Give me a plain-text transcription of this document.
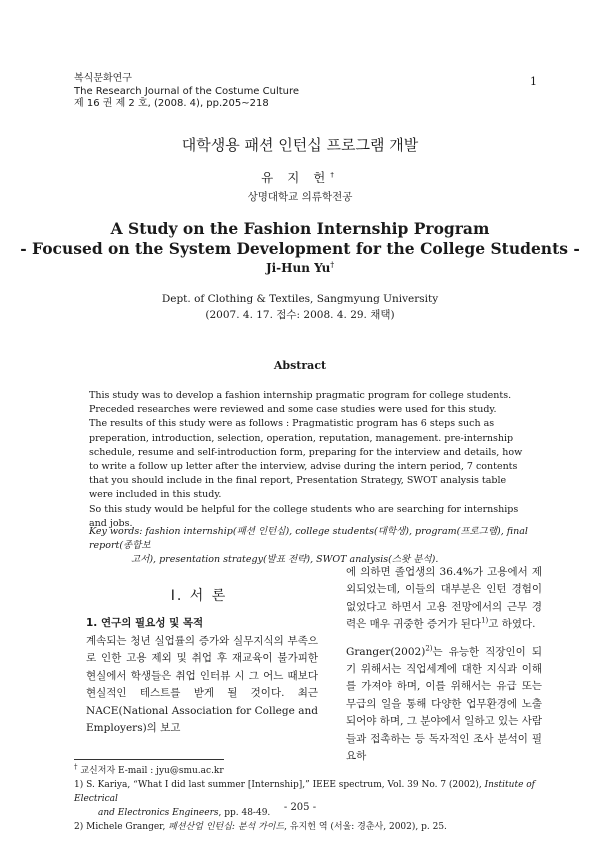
복식문화연구
The Research Journal of the Costume Culture
제 16 권 제 2 호, (2008. 4), pp.205~218
1
대학생용 패션 인턴십 프로그램 개발
유 지 헌†
상명대학교 의류학전공
A Study on the Fashion Internship Program
- Focused on the System Development for the College Students -
Ji-Hun Yu†
Dept. of Clothing & Textiles, Sangmyung University
(2007. 4. 17. 접수: 2008. 4. 29. 채택)
Abstract

This study was to develop a fashion internship pragmatic program for college students. Preceded researches were reviewed and some case studies were used for this study.

The results of this study were as follows : Pragmatistic program has 6 steps such as preperation, introduction, selection, operation, reputation, management. pre-internship schedule, resume and self-introduction form, preparing for the interview and details, how to write a follow up letter after the interview, advise during the intern period, 7 contents that you should include in the final report, Presentation Strategy, SWOT analysis table were included in this study.

So this study would be helpful for the college students who are searching for internships and jobs.

Key words: fashion internship(패션 인턴십), college students(대학생), program(프로그램), final report(종합보
고서), presentation strategy(발표 전략), SWOT analysis(스왓 분석).
Ⅰ. 서 론
1. 연구의 필요성 및 목적
계속되는 청년 실업률의 증가와 실무지식의 부족으로 인한 고용 제외 및 취업 후 재교육이 불가피한 현실에서 학생들은 취업 인터뷰 시 그 어느 때보다 현실적인 테스트를 받게 될 것이다. 최근 NACE(National Association for College and Employers)의 보고
에 의하면 졸업생의 36.4%가 고용에서 제외되었는데, 이들의 대부분은 인턴 경험이 없었다고 하면서 고용 전망에서의 근무 경력은 매우 귀중한 증거가 된다$^{1)}$고 하였다.
$Granger(2002)^{2)}$는 유능한 직장인이 되기 위해서는 직업세계에 대한 지식과 이해를 가져야 하며, 이를 위해서는 유급 또는 무급의 일을 통해 다양한 업무환경에 노출되어야 하며, 그 분야에서 일하고 있는 사람들과 접촉하는 등 독자적인 조사 분석이 필요하
† 교신저자 E-mail : jyu@smu.ac.kr
1) S. Kariya, “What I did last summer [Internship],” IEEE spectrum, Vol. 39 No. 7 (2002), Institute of Electrical
and Electronics Engineers, pp. 48-49.
2) Michele Granger, 패션산업 인턴십: 분석 가이드, 유지헌 역 (서울: 경춘사, 2002), p. 25.
- 205 -
